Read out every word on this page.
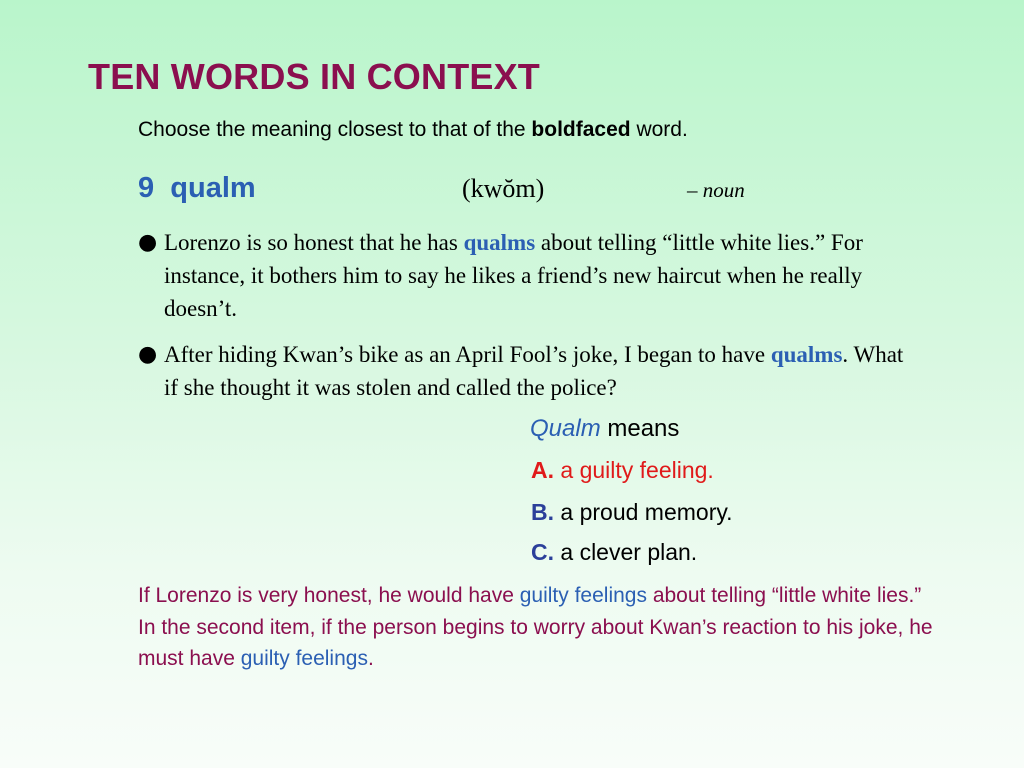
TEN WORDS IN CONTEXT
Choose the meaning closest to that of the boldfaced word.
9 qualm	(kwŏm)	– noun
● Lorenzo is so honest that he has qualms about telling “little white lies.” For instance, it bothers him to say he likes a friend’s new haircut when he really doesn’t.
● After hiding Kwan’s bike as an April Fool’s joke, I began to have qualms. What if she thought it was stolen and called the police?
Qualm means
A. a guilty feeling.
B. a proud memory.
C. a clever plan.
If Lorenzo is very honest, he would have guilty feelings about telling “little white lies.” In the second item, if the person begins to worry about Kwan’s reaction to his joke, he must have guilty feelings.
